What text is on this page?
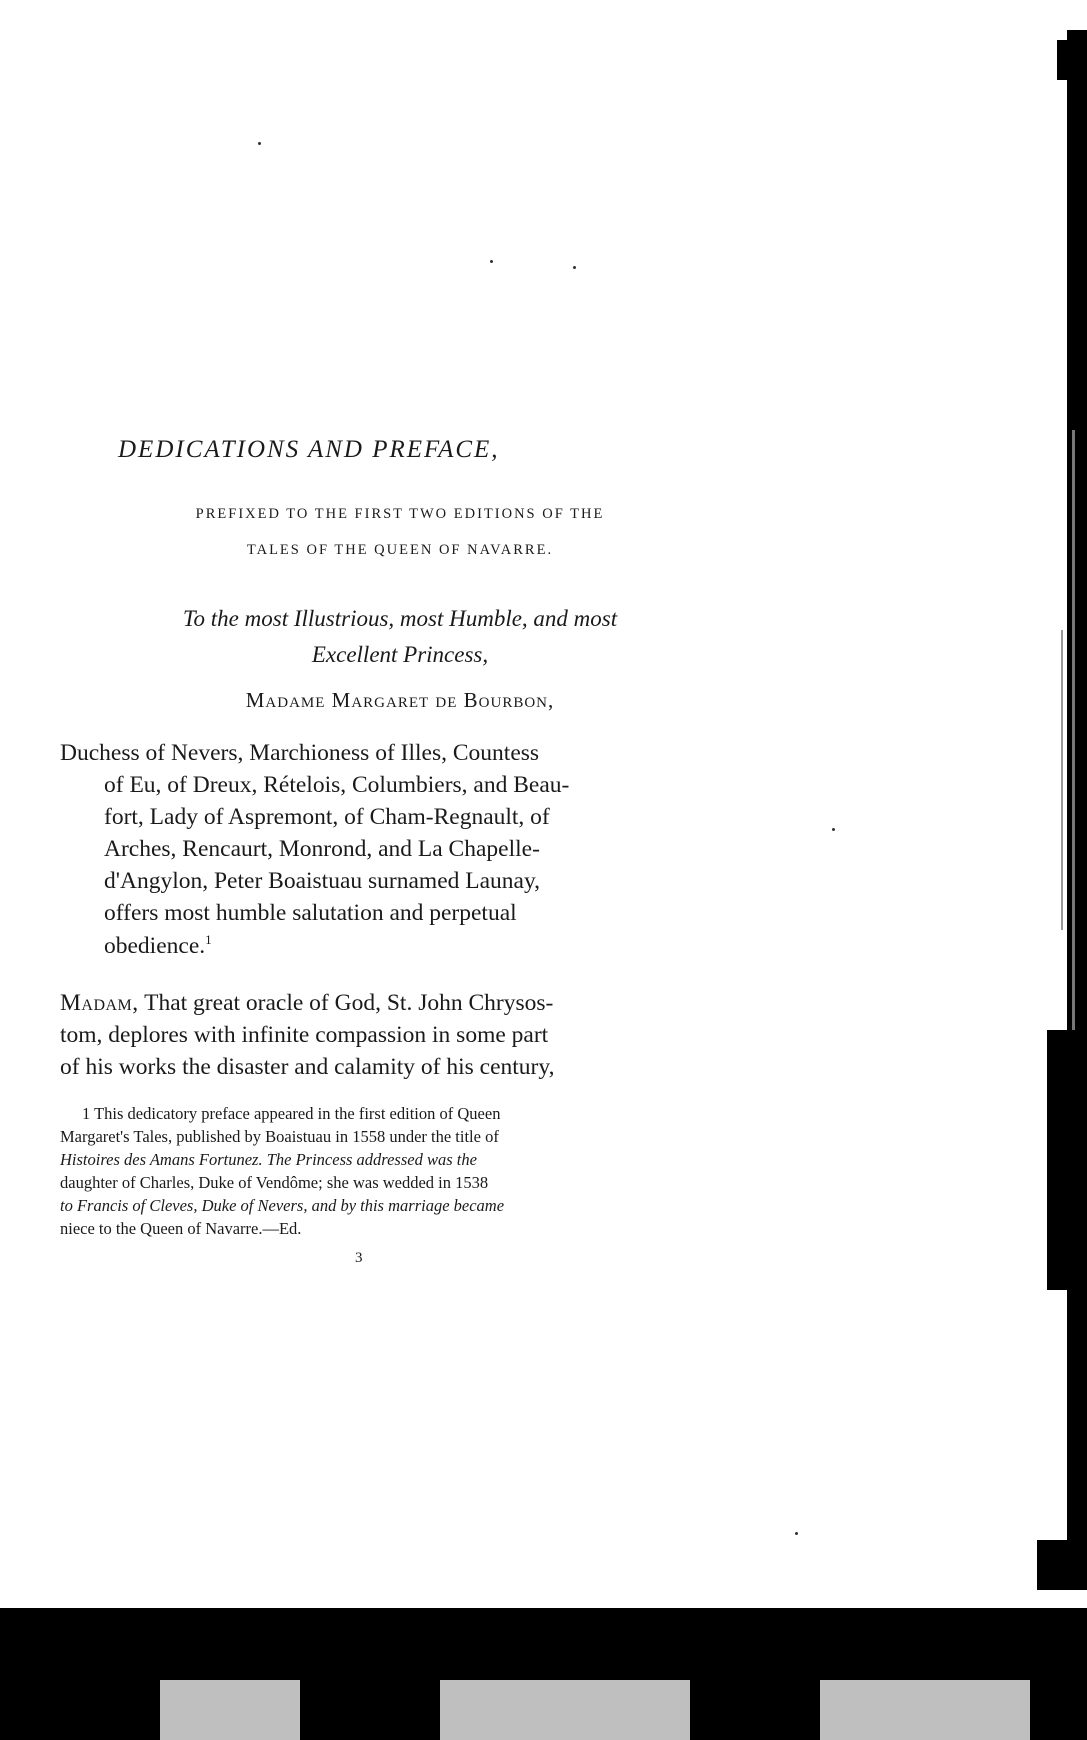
DEDICATIONS AND PREFACE,
PREFIXED TO THE FIRST TWO EDITIONS OF THE
TALES OF THE QUEEN OF NAVARRE.
To the most Illustrious, most Humble, and most
Excellent Princess,
Madame Margaret de Bourbon,
Duchess of Nevers, Marchioness of Illes, Countess
of Eu, of Dreux, Rételois, Columbiers, and Beau-
fort, Lady of Aspremont, of Cham-Regnault, of
Arches, Rencaurt, Monrond, and La Chapelle-
d'Angylon, Peter Boaistuau surnamed Launay,
offers most humble salutation and perpetual
obedience.$^1$
Madam, That great oracle of God, St. John Chrysos-
tom, deplores with infinite compassion in some part
of his works the disaster and calamity of his century,
1 This dedicatory preface appeared in the first edition of Queen
Margaret's Tales, published by Boaistuau in 1558 under the title of
Histoires des Amans Fortunez. The Princess addressed was the
daughter of Charles, Duke of Vendôme; she was wedded in 1538
to Francis of Cleves, Duke of Nevers, and by this marriage became
niece to the Queen of Navarre.—Ed.
3
